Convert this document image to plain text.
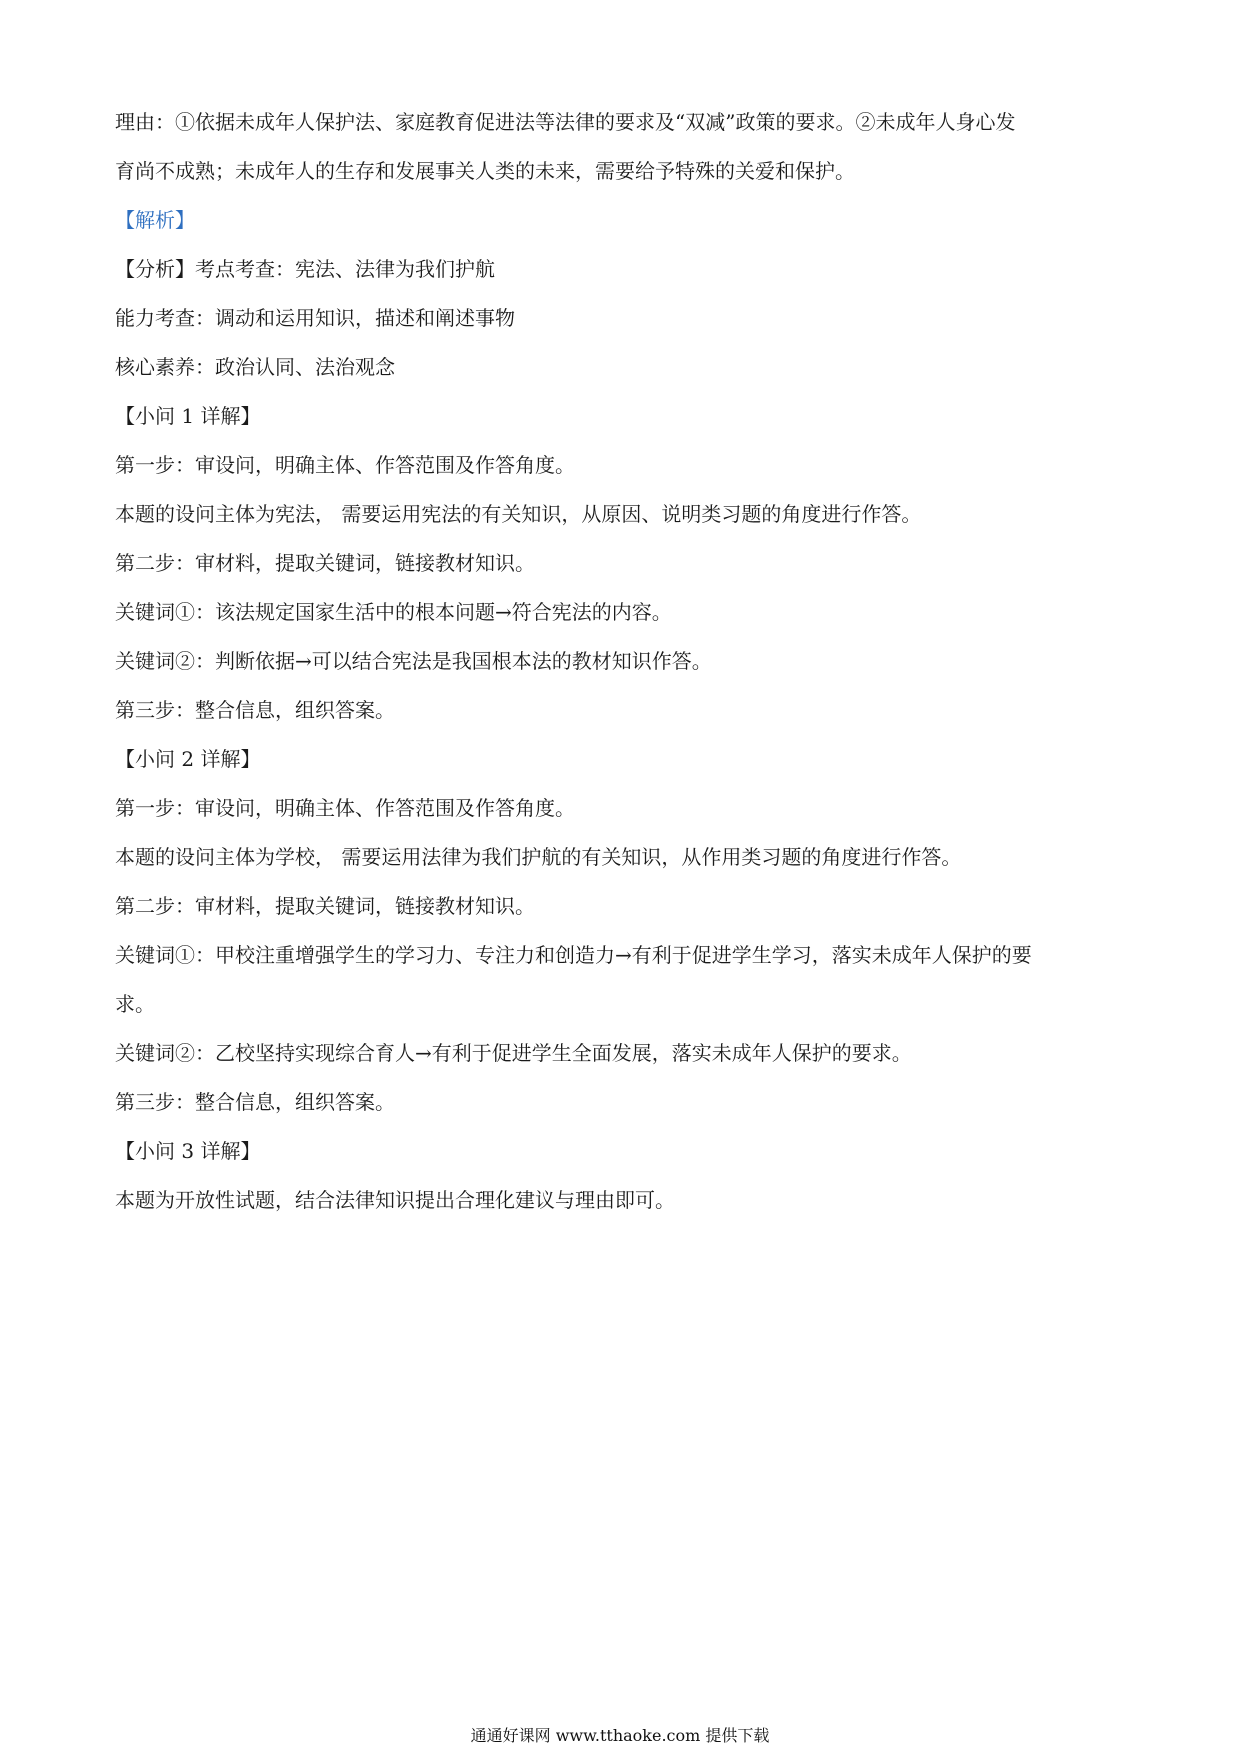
理由：①依据未成年人保护法、家庭教育促进法等法律的要求及“双减”政策的要求。②未成年人身心发

育尚不成熟；未成年人的生存和发展事关人类的未来，需要给予特殊的关爱和保护。

【解析】

【分析】考点考查：宪法、法律为我们护航

能力考查：调动和运用知识，描述和阐述事物

核心素养：政治认同、法治观念

【小问 1 详解】

第一步：审设问，明确主体、作答范围及作答角度。

本题的设问主体为宪法， 需要运用宪法的有关知识，从原因、说明类习题的角度进行作答。

第二步：审材料，提取关键词，链接教材知识。

关键词①：该法规定国家生活中的根本问题→符合宪法的内容。

关键词②：判断依据→可以结合宪法是我国根本法的教材知识作答。

第三步：整合信息，组织答案。

【小问 2 详解】

第一步：审设问，明确主体、作答范围及作答角度。

本题的设问主体为学校， 需要运用法律为我们护航的有关知识，从作用类习题的角度进行作答。

第二步：审材料，提取关键词，链接教材知识。

关键词①：甲校注重增强学生的学习力、专注力和创造力→有利于促进学生学习，落实未成年人保护的要

求。

关键词②：乙校坚持实现综合育人→有利于促进学生全面发展，落实未成年人保护的要求。

第三步：整合信息，组织答案。

【小问 3 详解】

本题为开放性试题，结合法律知识提出合理化建议与理由即可。

通通好课网 www.tthaoke.com 提供下载
